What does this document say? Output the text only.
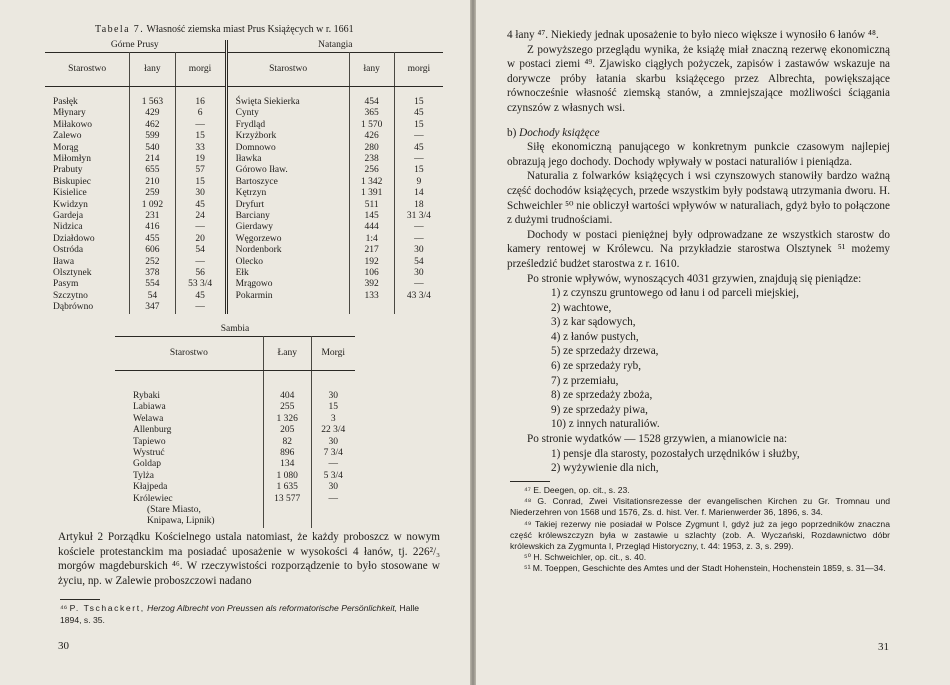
Tabela 7. Własność ziemska miast Prus Książęcych w r. 1661
Górne Prusy			Natangia		
Starostwo	łany	morgi	Starostwo	łany	morgi

Pasłęk	1 563	16	Święta Siekierka	454	15
Młynary	429	6	Cynty	365	45
Miłakowo	462	—	Frydląd	1 570	15
Zalewo	599	15	Krzyżbork	426	—
Morąg	540	33	Domnowo	280	45
Miłomłyn	214	19	Iławka	238	—
Prabuty	655	57	Górowo Iław.	256	15
Biskupiec	210	15	Bartoszyce	1 342	9
Kisielice	259	30	Kętrzyn	1 391	14
Kwidzyn	1 092	45	Dryfurt	511	18
Gardeja	231	24	Barciany	145	31 3/4
Nidzica	416	—	Gierdawy	444	—
Działdowo	455	20	Węgorzewo	1:4	—
Ostróda	606	54	Nordenbork	217	30
Iława	252	—	Olecko	192	54
Olsztynek	378	56	Ełk	106	30
Pasym	554	53 3/4	Mrągowo	392	—
Szczytno	54	45	Pokarmin	133	43 3/4
Dąbrówno	347	—			
Sambia		
Starostwo	Łany	Morgi

Rybaki	404	30
Labiawa	255	15
Welawa	1 326	3
Allenburg	205	22 3/4
Tapiewo	82	30
Wystruć	896	7 3/4
Goldap	134	—
Tylża	1 080	5 3/4
Kłajpeda	1 635	30
Królewiec	13 577	—
(Stare Miasto,		
Knipawa, Lipnik)		

Artykuł 2 Porządku Kościelnego ustala natomiast, że każdy proboszcz w nowym kościele protestanckim ma posiadać uposażenie w wysokości 4 łanów, tj. 226²/₃ morgów magdeburskich ⁴⁶. W rzeczywistości rozporządzenie to było stosowane w życiu, np. w Zalewie proboszczowi nadano

⁴⁶ P. Tschackert, Herzog Albrecht von Preussen als reformatorische Persönlichkeit, Halle 1894, s. 35.
30

4 łany ⁴⁷. Niekiedy jednak uposażenie to było nieco większe i wynosiło 6 łanów ⁴⁸.

Z powyższego przeglądu wynika, że książę miał znaczną rezerwę ekonomiczną w postaci ziemi ⁴⁹. Zjawisko ciągłych pożyczek, zapisów i zastawów wskazuje na dorywcze próby łatania skarbu książęcego przez Albrechta, powiększające równocześnie własność ziemską stanów, a zmniejszające możliwości ściągania czynszów z własnych wsi.

b) Dochody książęce

Siłę ekonomiczną panującego w konkretnym punkcie czasowym najlepiej obrazują jego dochody. Dochody wpływały w postaci naturaliów i pieniądza.

Naturalia z folwarków książęcych i wsi czynszowych stanowiły bardzo ważną część dochodów książęcych, przede wszystkim były podstawą utrzymania dworu. H. Schweichler ⁵⁰ nie obliczył wartości wpływów w naturaliach, gdyż było to połączone z dużymi trudnościami.

Dochody w postaci pieniężnej były odprowadzane ze wszystkich starostw do kamery rentowej w Królewcu. Na przykładzie starostwa Olsztynek ⁵¹ możemy prześledzić budżet starostwa z r. 1610.

Po stronie wpływów, wynoszących 4031 grzywien, znajdują się pieniądze:

1) z czynszu gruntowego od łanu i od parceli miejskiej,
2) wachtowe,
3) z kar sądowych,
4) z łanów pustych,
5) ze sprzedaży drzewa,
6) ze sprzedaży ryb,
7) z przemiału,
8) ze sprzedaży zboża,
9) ze sprzedaży piwa,
10) z innych naturaliów.

Po stronie wydatków — 1528 grzywien, a mianowicie na:

1) pensje dla starosty, pozostałych urzędników i służby,
2) wyżywienie dla nich,

⁴⁷ E. Deegen, op. cit., s. 23.

⁴⁸ G. Conrad, Zwei Visitationsrezesse der evangelischen Kirchen zu Gr. Tromnau und Niederzehren von 1568 und 1576, Zs. d. hist. Ver. f. Marienwerder 36, 1896, s. 34.

⁴⁹ Takiej rezerwy nie posiadał w Polsce Zygmunt I, gdyż już za jego poprzedników znaczna część królewszczyzn była w zastawie u szlachty (zob. A. Wyczański, Rozdawnictwo dóbr królewskich za Zygmunta I, Przegląd Historyczny, t. 44: 1953, z. 3, s. 299).

⁵⁰ H. Schweichler, op. cit., s. 40.

⁵¹ M. Toeppen, Geschichte des Amtes und der Stadt Hohenstein, Hochenstein 1859, s. 31—34.

31
